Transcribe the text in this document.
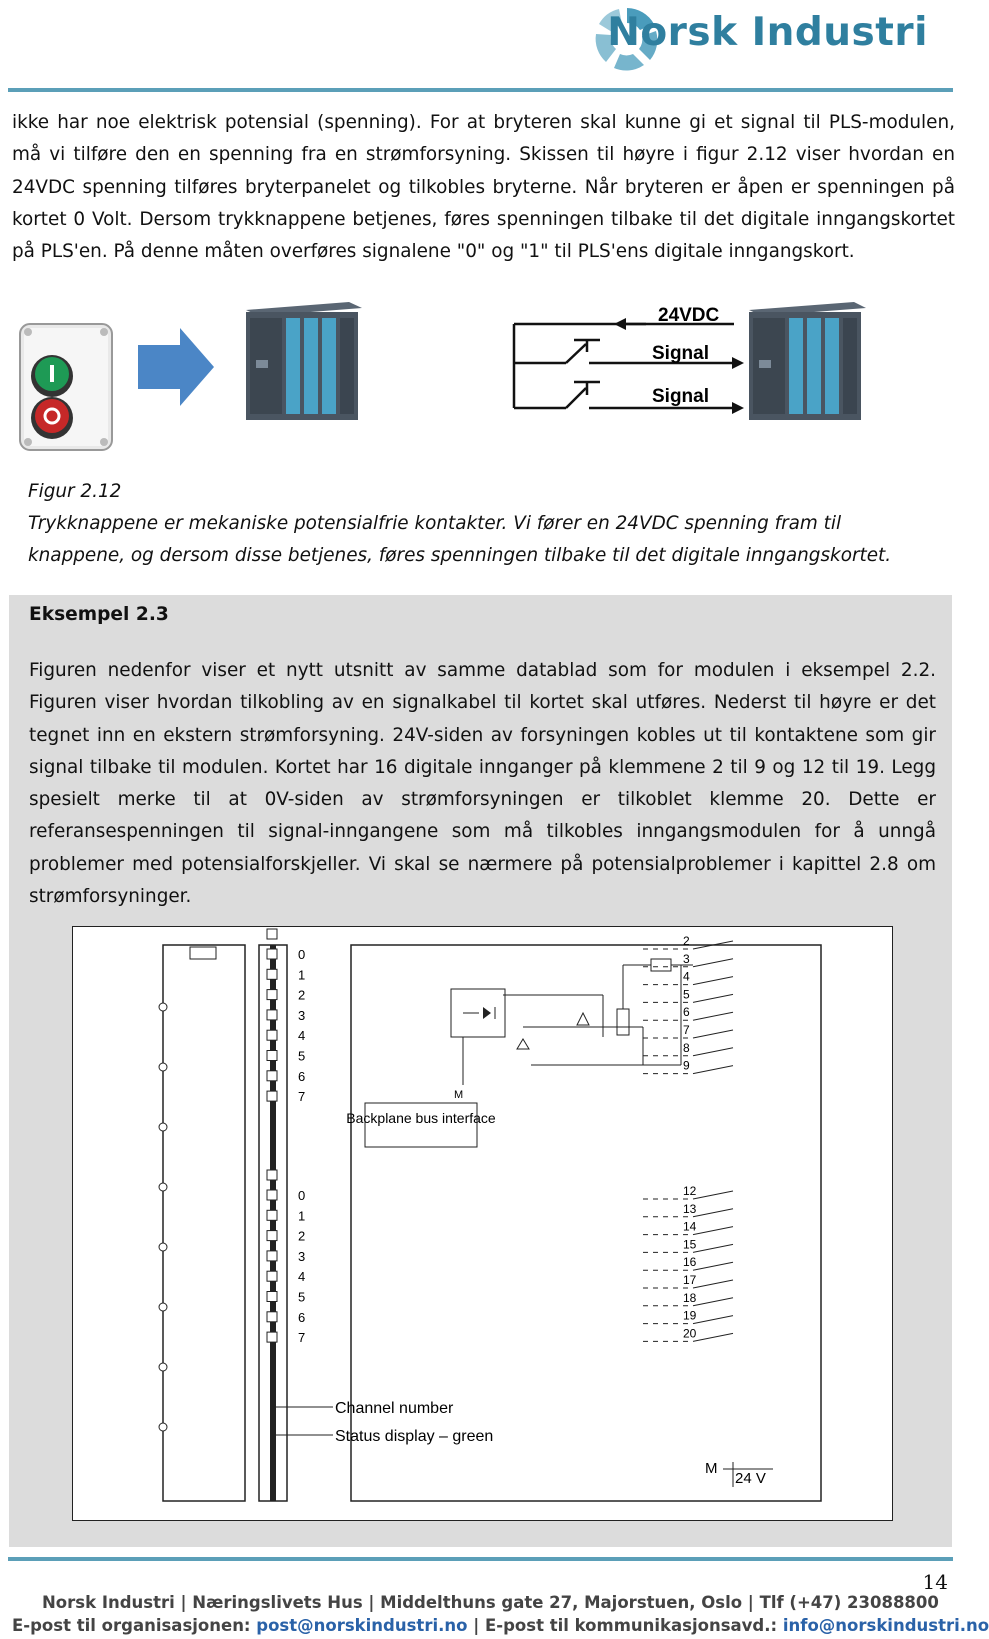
Norsk Industri
ikke har noe elektrisk potensial (spenning). For at bryteren skal kunne gi et signal til PLS-modulen, må vi tilføre den en spenning fra en strømforsyning. Skissen til høyre i figur 2.12 viser hvordan en 24VDC spenning tilføres bryterpanelet og tilkobles bryterne. Når bryteren er åpen er spenningen på kortet 0 Volt. Dersom trykknappene betjenes, føres spenningen tilbake til det digitale inngangskortet på PLS'en. På denne måten overføres signalene "0" og "1" til PLS'ens digitale inngangskort.
24VDC
Signal
Signal
Figur 2.12
Trykknappene er mekaniske potensialfrie kontakter. Vi fører en 24VDC spenning fram til knappene, og dersom disse betjenes, føres spenningen tilbake til det digitale inngangskortet.
Eksempel 2.3
Figuren nedenfor viser et nytt utsnitt av samme datablad som for modulen i eksempel 2.2. Figuren viser hvordan tilkobling av en signalkabel til kortet skal utføres. Nederst til høyre er det tegnet inn en ekstern strømforsyning. 24V-siden av forsyningen kobles ut til kontaktene som gir signal tilbake til modulen. Kortet har 16 digitale innganger på klemmene 2 til 9 og 12 til 19. Legg spesielt merke til at 0V-siden av strømforsyningen er tilkoblet klemme 20. Dette er referansespenningen til signal-inngangene som må tilkobles inngangsmodulen for å unngå problemer med potensialforskjeller. Vi skal se nærmere på potensialproblemer i kapittel 2.8 om strømforsyninger.
0
1
2
3
4
5
6
7
0
1
2
3
4
5
6
7
M
Backplane bus interface
2
3
4
5
6
7
8
9
12
13
14
15
16
17
18
19
20
M
24 V
Channel number
Status display – green
14
Norsk Industri | Næringslivets Hus | Middelthuns gate 27, Majorstuen, Oslo | Tlf (+47) 23088800
E-post til organisasjonen: post@norskindustri.no | E-post til kommunikasjonsavd.: info@norskindustri.no
